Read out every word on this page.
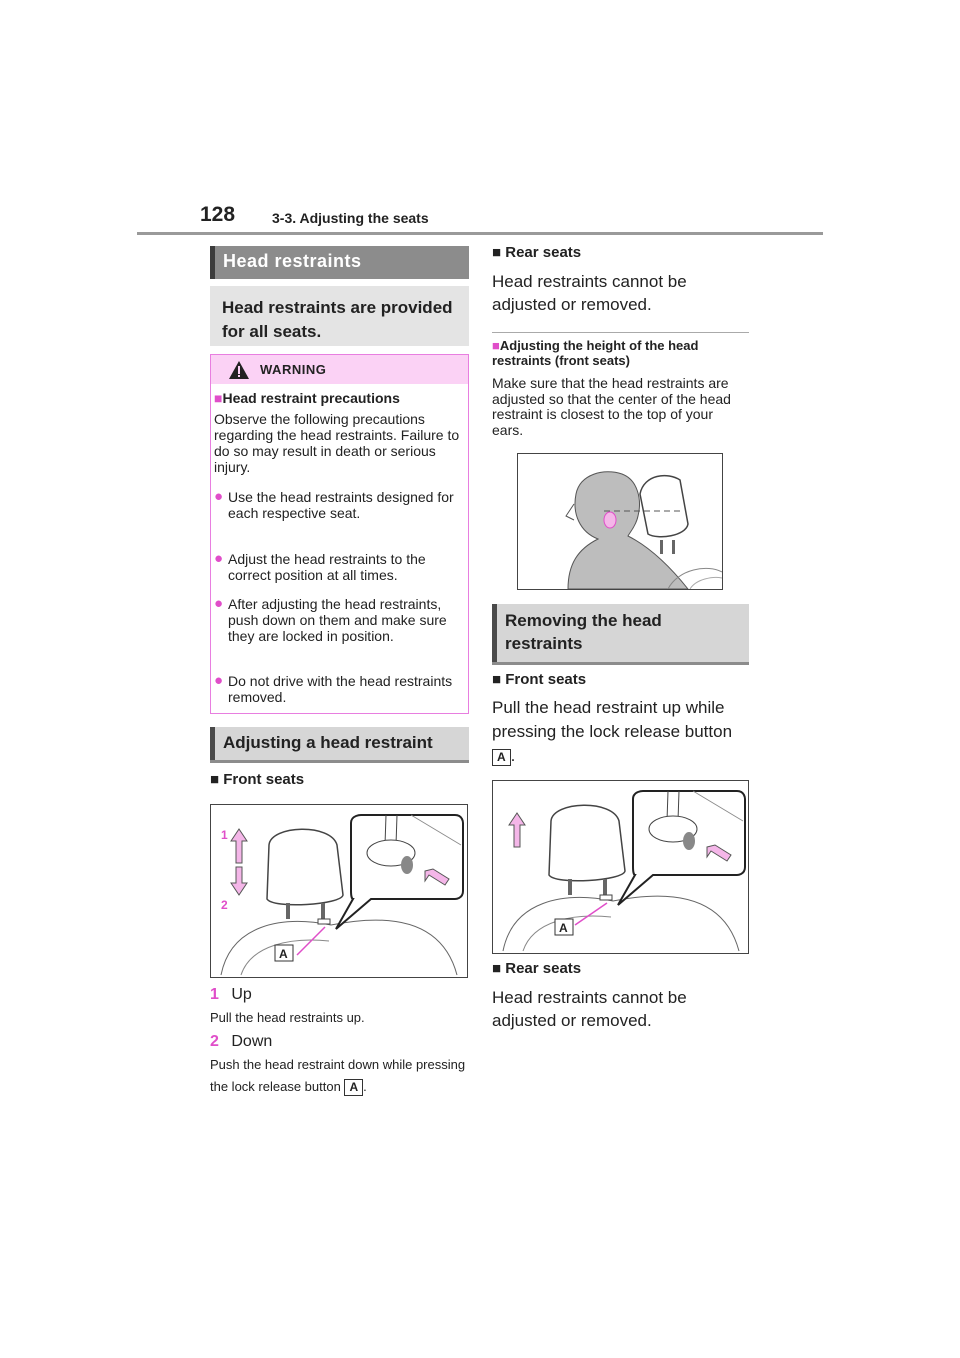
128	3-3. Adjusting the seats
Head restraints
Head restraints are provided for all seats.
WARNING
■Head restraint precautions
Observe the following precautions regarding the head restraints. Failure to do so may result in death or serious injury.
● Use the head restraints designed for each respective seat.
● Adjust the head restraints to the correct position at all times.
● After adjusting the head restraints, push down on them and make sure they are locked in position.
● Do not drive with the head restraints removed.
Adjusting a head restraint
■ Front seats
1
2
A
1 Up
Pull the head restraints up.
2 Down
Push the head restraint down while pressing the lock release button A .
■ Rear seats
Head restraints cannot be adjusted or removed.
■Adjusting the height of the head restraints (front seats)
Make sure that the head restraints are adjusted so that the center of the head restraint is closest to the top of your ears.
Removing the head restraints
■ Front seats
Pull the head restraint up while pressing the lock release button A .
A
■ Rear seats
Head restraints cannot be adjusted or removed.
